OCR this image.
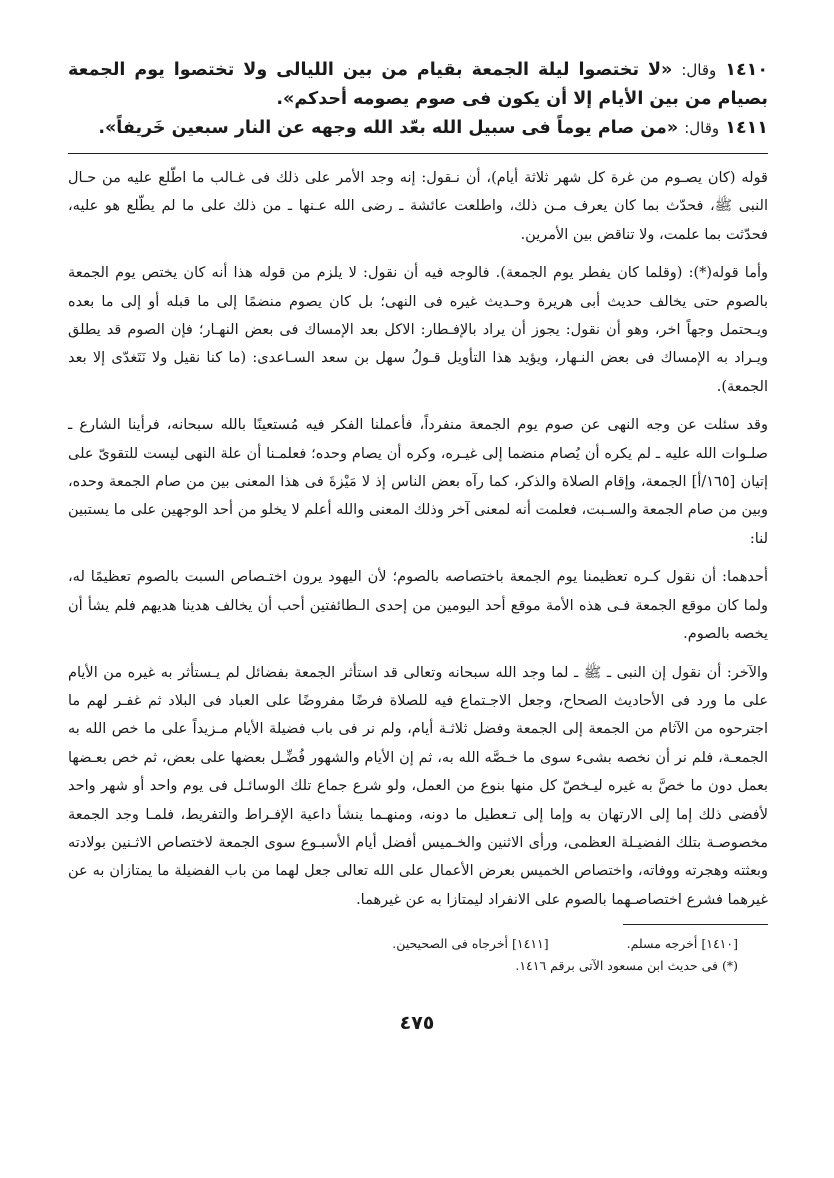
١٤١٠ وقال: «لا تختصوا ليلة الجمعة بقيام من بين الليالى ولا تختصوا يوم الجمعة بصيام من بين الأيام إلا أن يكون فى صوم يصومه أحدكم».

١٤١١ وقال: «من صام يوماً فى سبيل الله بعّد الله وجهه عن النار سبعين خَريفاً».

قوله (كان يصـوم من غرة كل شهر ثلاثة أيام)، أن نـقول: إنه وجد الأمر على ذلك فى غـالب ما اطّلع عليه من حـال النبى ﷺ، فحدّث بما كان يعرف مـن ذلك، واطلعت عائشة ـ رضى الله عـنها ـ من ذلك على ما لم يطّلع هو عليه، فحدّثت بما علمت، ولا تناقض بين الأمرين.

وأما قوله(*): (وقلما كان يفطر يوم الجمعة). فالوجه فيه أن نقول: لا يلزم من قوله هذا أنه كان يختص يوم الجمعة بالصوم حتى يخالف حديث أبى هريرة وحـديث غيره فى النهى؛ بل كان يصوم منضمًا إلى ما قبله أو إلى ما بعده ويـحتمل وجهاً اخر، وهو أن نقول: يجوز أن يراد بالإفـطار: الاكل بعد الإمساك فى بعض النهـار؛ فإن الصوم قد يطلق ويـراد به الإمساك فى بعض النـهار، ويؤيد هذا التأويل قـولُ سهل بن سعد السـاعدى: (ما كنا نقيل ولا نَتَغدّى إلا بعد الجمعة).

وقد سئلت عن وجه النهى عن صوم يوم الجمعة منفرداً، فأعملنا الفكر فيه مُستعينًا بالله سبحانه، فرأينا الشارع ـ صلـوات الله عليه ـ لم يكره أن يُصام منضما إلى غيـره، وكره أن يصام وحده؛ فعلمـنا أن علة النهى ليست للتقوىّ على إتيان [١٦٥/أ] الجمعة، وإقام الصلاة والذكر، كما رآه بعض الناس إذ لا مَيْزةَ فى هذا المعنى بين من صام الجمعة وحده، وبين من صام الجمعة والسـبت، فعلمت أنه لمعنى آخر وذلك المعنى والله أعلم لا يخلو من أحد الوجهين على ما يستبين لنا:

أحدهما: أن نقول كـره تعظيمنا يوم الجمعة باختصاصه بالصوم؛ لأن اليهود يرون اختـصاص السبت بالصوم تعظيمًا له، ولما كان موقع الجمعة فـى هذه الأمة موقع أحد اليومين من إحدى الـطائفتين أحب أن يخالف هدينا هديهم فلم يشأ أن يخصه بالصوم.

والآخر: أن نقول إن النبى ـ ﷺ ـ لما وجد الله سبحانه وتعالى قد استأثر الجمعة بفضائل لم يـستأثر به غيره من الأيام على ما ورد فى الأحاديث الصحاح، وجعل الاجـتماع فيه للصلاة فرضًا مفروضًا على العباد فى البلاد ثم غفـر لهم ما اجترحوه من الآثام من الجمعة إلى الجمعة وفضل ثلاثـة أيام، ولم نر فى باب فضيلة الأيام مـزيداً على ما خص الله به الجمعـة، فلم نر أن نخصه بشىء سوى ما خـصَّه الله به، ثم إن الأيام والشهور فُضِّـل بعضها على بعض، ثم خص بعـضها بعمل دون ما خصَّ به غيره ليـخصّ كل منها بنوع من العمل، ولو شرع جماع تلك الوسائـل فى يوم واحد أو شهر واحد لأفضى ذلك إما إلى الارتهان به وإما إلى تـعطيل ما دونه، ومنهـما ينشأ داعية الإفـراط والتفريط، فلمـا وجد الجمعة مخصوصـة بتلك الفضيـلة العظمى، ورأى الاثنين والخـميس أفضل أيام الأسبـوع سوى الجمعة لاختصاص الاثـنين بولادته وبعثته وهجرته ووفاته، واختصاص الخميس بعرض الأعمال على الله تعالى جعل لهما من باب الفضيلة ما يمتازان به عن غيرهما فشرع اختصاصـهما بالصوم على الانفراد ليمتازا به عن غيرهما.

[١٤١٠] أخرجه مسلم.  [١٤١١] أخرجاه فى الصحيحين.
(*) فى حديث ابن مسعود الآتى برقم ١٤١٦.
٤٧٥
